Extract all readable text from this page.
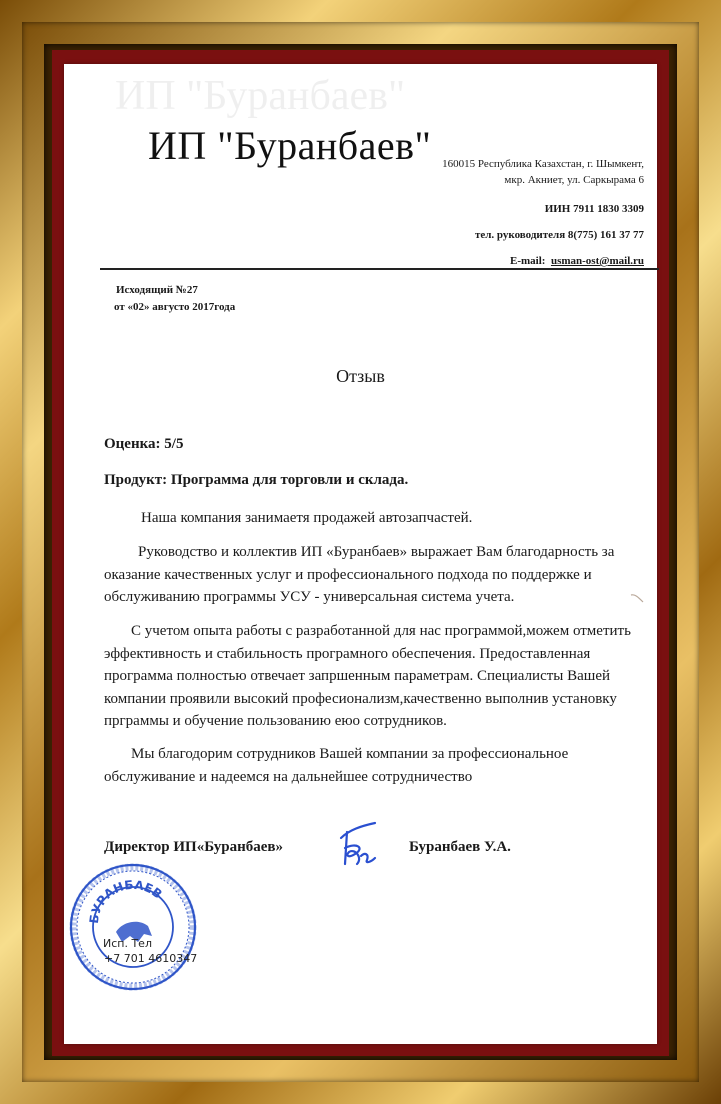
ИП "Буранбаев"
ИП "Буранбаев" 160015 Республика Казахстан, г. Шымкент,
мкр. Акниет, ул. Саркырама 6
ИИН 7911 1830 3309
тел. руководителя 8(775) 161 37 77
E-mail: usman-ost@mail.ru
Исходящий №27
от «02» августо 2017года
Отзыв
Оценка: 5/5
Продукт: Программа для торговли и склада.
Наша компания занимаетя продажей автозапчастей.
Руководство и коллектив ИП «Буранбаев» выражает Вам благодарность за оказание качественных услуг и профессионального подхода по поддержке и обслуживанию программы УСУ - универсальная система учета.
С учетом опыта работы с разработанной для нас программой,можем отметить эффективность и стабильность програмного обеспечения. Предоставленная программа полностью отвечает запршенным параметрам. Специалисты Вашей компании проявили высокий професионализм,качественно выполнив установку прграммы и обучение пользованию еюо сотрудников.
Мы благодорим сотрудников Вашей компании за профессиональное обслуживание и надеемся на дальнейшее сотрудничество
Директор ИП«Буранбаев»	Буранбаев У.А.
БУРАНБАЕВ
Исп. Тел
+7 701 4610347
